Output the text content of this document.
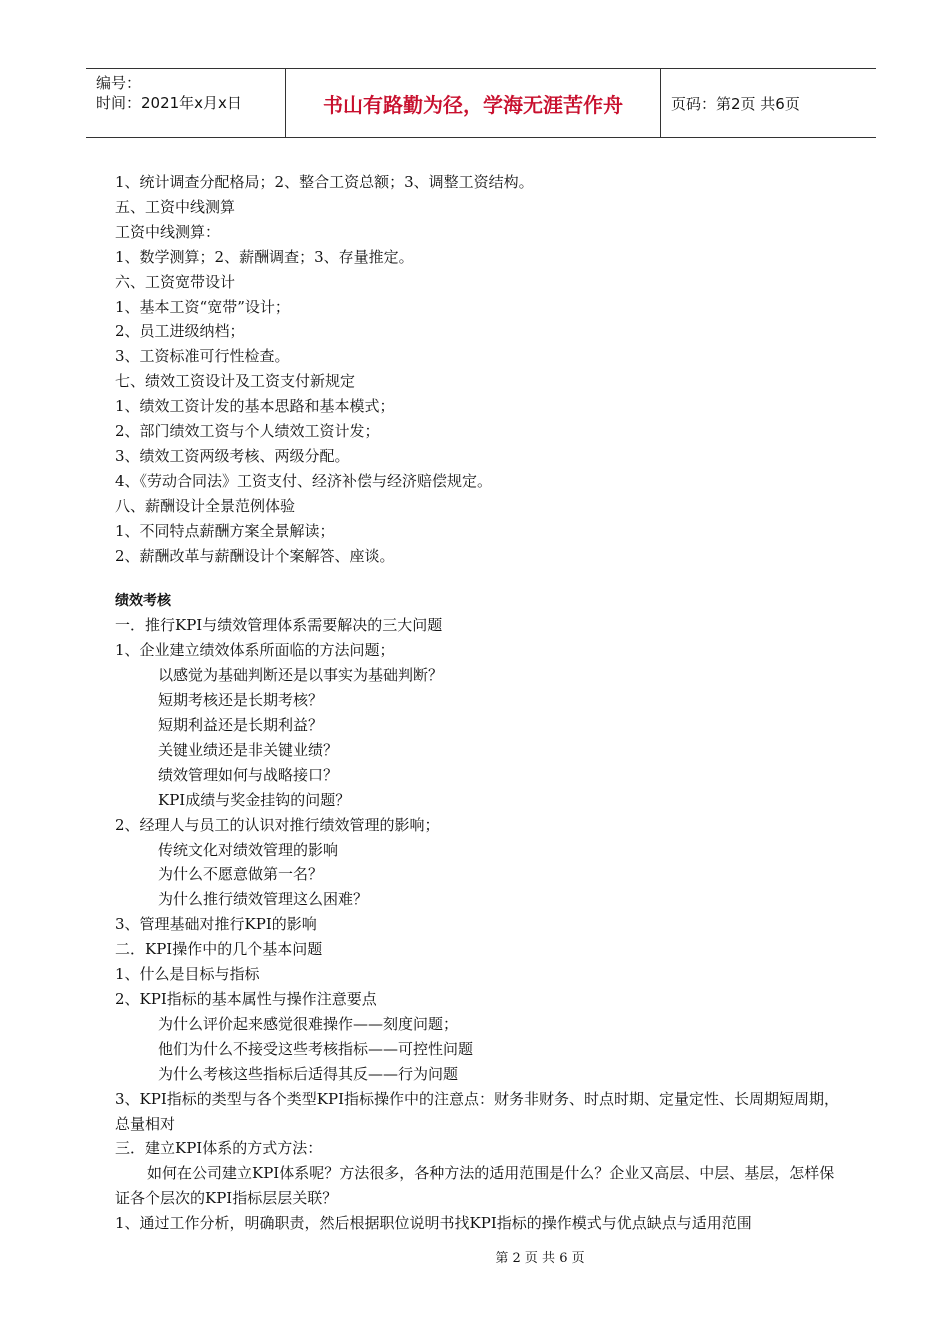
编号：
时间：2021年x月x日	书山有路勤为径，学海无涯苦作舟	页码：第2页 共6页

1、统计调查分配格局；2、整合工资总额；3、调整工资结构。

五、工资中线测算

工资中线测算：

1、数学测算；2、薪酬调查；3、存量推定。

六、工资宽带设计

1、基本工资“宽带”设计；

2、员工进级纳档；

3、工资标准可行性检查。

七、绩效工资设计及工资支付新规定

1、绩效工资计发的基本思路和基本模式；

2、部门绩效工资与个人绩效工资计发；

3、绩效工资两级考核、两级分配。

4、《劳动合同法》工资支付、经济补偿与经济赔偿规定。

八、薪酬设计全景范例体验

1、不同特点薪酬方案全景解读；

2、薪酬改革与薪酬设计个案解答、座谈。

绩效考核

一．推行KPI与绩效管理体系需要解决的三大问题

1、企业建立绩效体系所面临的方法问题；

以感觉为基础判断还是以事实为基础判断？

短期考核还是长期考核？

短期利益还是长期利益？

关键业绩还是非关键业绩？

绩效管理如何与战略接口？

KPI成绩与奖金挂钩的问题？

2、经理人与员工的认识对推行绩效管理的影响；

传统文化对绩效管理的影响

为什么不愿意做第一名？

为什么推行绩效管理这么困难？

3、管理基础对推行KPI的影响

二．KPI操作中的几个基本问题

1、什么是目标与指标

2、KPI指标的基本属性与操作注意要点

为什么评价起来感觉很难操作——刻度问题；

他们为什么不接受这些考核指标——可控性问题

为什么考核这些指标后适得其反——行为问题

3、KPI指标的类型与各个类型KPI指标操作中的注意点：财务非财务、时点时期、定量定性、长周期短周期，总量相对

三．建立KPI体系的方式方法：

如何在公司建立KPI体系呢？方法很多，各种方法的适用范围是什么？企业又高层、中层、基层，怎样保证各个层次的KPI指标层层关联？

1、通过工作分析，明确职责，然后根据职位说明书找KPI指标的操作模式与优点缺点与适用范围

第 2 页 共 6 页
